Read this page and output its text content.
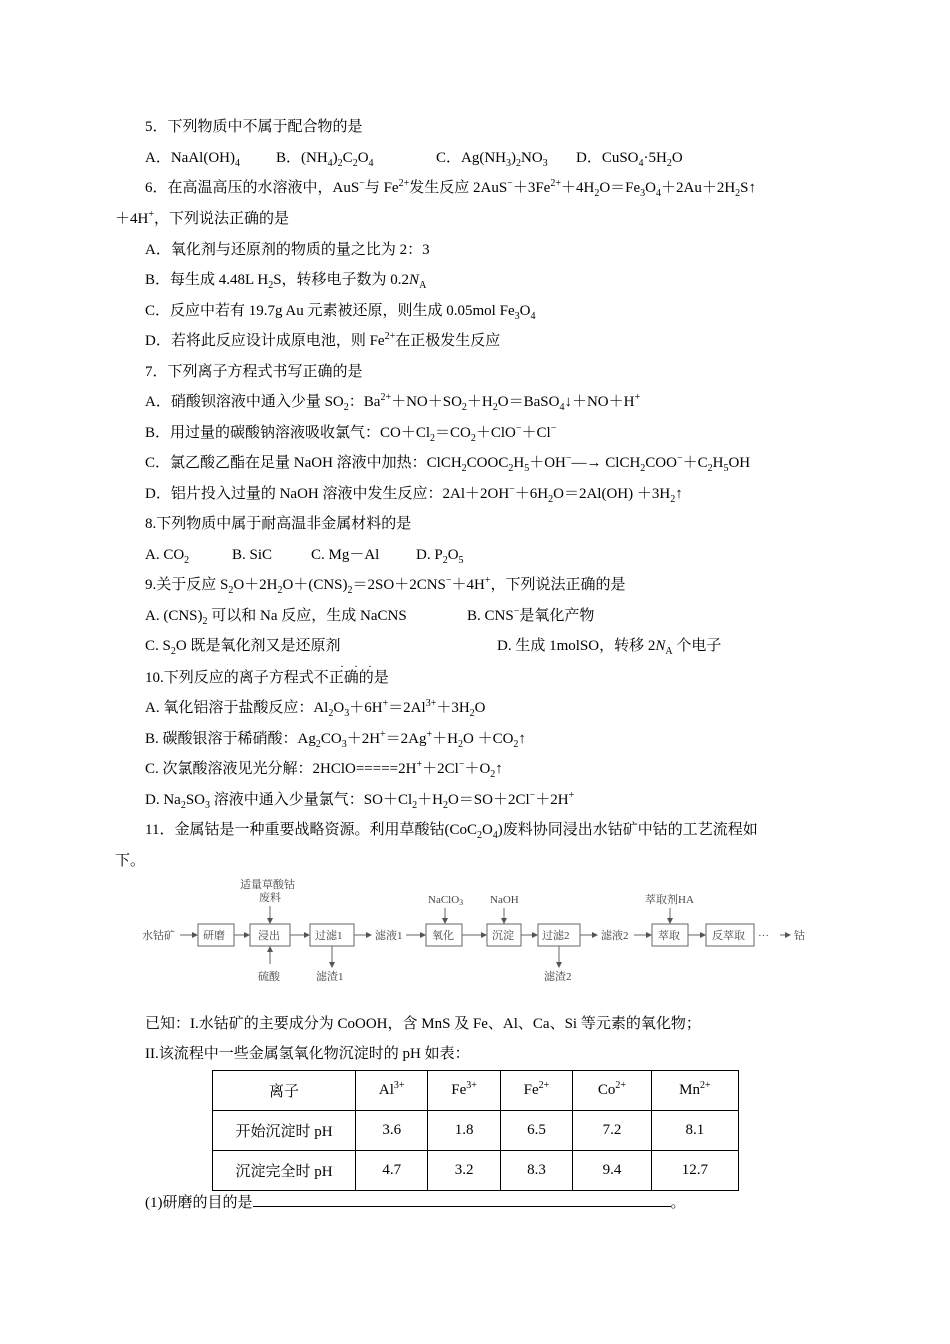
5．下列物质中不属于配合物的是
A．$NaAl(OH)_4$ B．$(NH_4)_2C_2O_4$	C．$Ag(NH_3)_2NO_3$ D．$CuSO_4\cdot 5H_2O$
6．在高温高压的水溶液中，AuS−与 $Fe^{2+}$发生反应 $2AuS^-+3Fe^{2+}+4H_2O=Fe_3O_4+2Au+2H_2S↑$
＋4H+，下列说法正确的是
A．氧化剂与还原剂的物质的量之比为 2：3
B．每生成 4.48L $H_2S$，转移电子数为 $0.2N_A$
C．反应中若有 19.7g Au 元素被还原，则生成 0.05mol $Fe_3O_4$
D．若将此反应设计成原电池，则 $Fe^{2+}$在正极发生反应
7．下列离子方程式书写正确的是
A．硝酸钡溶液中通入少量 $SO_2$：$Ba^{2+}+NO+SO_2+H_2O=BaSO_4↓+NO+H^+$
B．用过量的碳酸钠溶液吸收氯气：$CO+Cl_2=CO_2+ClO^-+Cl^-$
C．氯乙酸乙酯在足量 NaOH 溶液中加热：$ClCH_2COOC_2H_5+OH^-—\to$ $ClCH_2COO^-+C_2H_5OH$
D．铝片投入过量的 NaOH 溶液中发生反应：$2Al+2OH^-+6H_2O=2Al(OH)$ $+3H_2↑$
8.下列物质中属于耐高温非金属材料的是
A. $CO_2$	B. SiC	C. Mg－Al D. $P_2O_5$
9.关于反应 $S_2O+2H_2O+(CNS)_2=2SO+2CNS^-+4H^+$，下列说法正确的是
A. $(CNS)_2$ 可以和 Na 反应，生成 NaCNS	B. CNS−是氧化产物
C. $S_2O$ 既是氧化剂又是还原剂	D. 生成 1molSO，转移 $2N_A$ 个电子
···
10.下列反应的离子方程式不正确的是
A. 氧化铝溶于盐酸反应：$Al_2O_3+6H^+=2Al^{3+}+3H_2O$
B. 碳酸银溶于稀硝酸：$Ag_2CO_3+2H^+=2Ag^++H_2O$ $+CO_2↑$
C. 次氯酸溶液见光分解：$2HClO=====2H^++2Cl^-+O_2↑$
D. $Na_2SO_3$ 溶液中通入少量氯气：$SO+Cl_2+H_2O=SO+2Cl^-+2H^+$
11．金属钴是一种重要战略资源。利用草酸钴$(CoC_2O_4)$废料协同浸出水钴矿中钴的工艺流程如
下。
水钴矿	研磨	浸出	过滤1	滤液1	氧化	沉淀	过滤2	滤液2	萃取	反萃取 ··· 钴
适量草酸钴
废料	NaClO3 NaOH	萃取剂HA
硫酸	滤渣1	滤渣2
已知：I.水钴矿的主要成分为 CoOOH，含 MnS 及 Fe、Al、Ca、Si 等元素的氧化物；
II.该流程中一些金属氢氧化物沉淀时的 pH 如表：
离子	$Al^{3+}$	$Fe^{3+}$	$Fe^{2+}$	$Co^{2+}$	$Mn^{2+}$
开始沉淀时 pH	3.6	1.8	6.5	7.2	8.1
沉淀完全时 pH	4.7	3.2	8.3	9.4	12.7
(1)研磨的目的是	。
